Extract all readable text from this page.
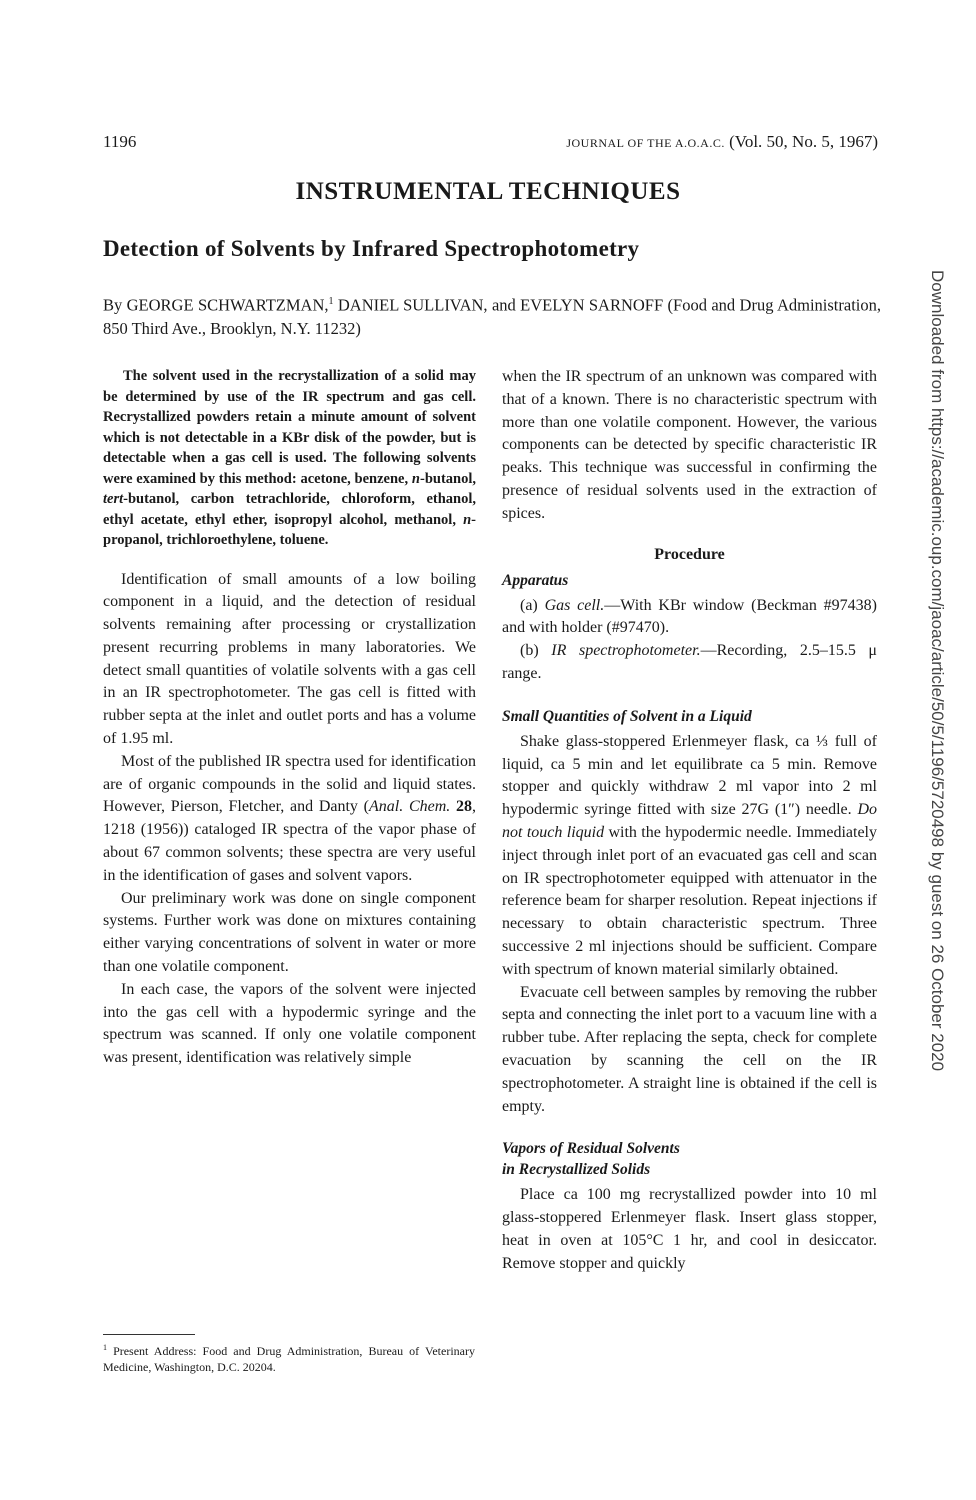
1196	JOURNAL OF THE A.O.A.C. (Vol. 50, No. 5, 1967)
INSTRUMENTAL TECHNIQUES
Detection of Solvents by Infrared Spectrophotometry
By GEORGE SCHWARTZMAN,$^1$ DANIEL SULLIVAN, and EVELYN SARNOFF (Food and Drug Administration, 850 Third Ave., Brooklyn, N.Y. 11232)
The solvent used in the recrystallization of a solid may be determined by use of the IR spectrum and gas cell. Recrystallized powders retain a minute amount of solvent which is not detectable in a KBr disk of the powder, but is detectable when a gas cell is used. The following solvents were examined by this method: acetone, benzene, n-butanol, tert-butanol, carbon tetrachloride, chloroform, ethanol, ethyl acetate, ethyl ether, isopropyl alcohol, methanol, n-propanol, trichloroethylene, toluene.

Identification of small amounts of a low boiling component in a liquid, and the detection of residual solvents remaining after processing or crystallization present recurring problems in many laboratories. We detect small quantities of volatile solvents with a gas cell in an IR spectrophotometer. The gas cell is fitted with rubber septa at the inlet and outlet ports and has a volume of 1.95 ml.

Most of the published IR spectra used for identification are of organic compounds in the solid and liquid states. However, Pierson, Fletcher, and Danty (Anal. Chem. 28, 1218 (1956)) cataloged IR spectra of the vapor phase of about 67 common solvents; these spectra are very useful in the identification of gases and solvent vapors.

Our preliminary work was done on single component systems. Further work was done on mixtures containing either varying concentrations of solvent in water or more than one volatile component.

In each case, the vapors of the solvent were injected into the gas cell with a hypodermic syringe and the spectrum was scanned. If only one volatile component was present, identification was relatively simple

when the IR spectrum of an unknown was compared with that of a known. There is no characteristic spectrum with more than one volatile component. However, the various components can be detected by specific characteristic IR peaks. This technique was successful in confirming the presence of residual solvents used in the extraction of spices.

Procedure
Apparatus

(a) Gas cell.—With KBr window (Beckman #97438) and with holder (#97470).

(b) IR spectrophotometer.—Recording, 2.5–15.5 μ range.

Small Quantities of Solvent in a Liquid

Shake glass-stoppered Erlenmeyer flask, ca ⅓ full of liquid, ca 5 min and let equilibrate ca 5 min. Remove stopper and quickly withdraw 2 ml vapor into 2 ml hypodermic syringe fitted with size 27G (1″) needle. Do not touch liquid with the hypodermic needle. Immediately inject through inlet port of an evacuated gas cell and scan on IR spectrophotometer equipped with attenuator in the reference beam for sharper resolution. Repeat injections if necessary to obtain characteristic spectrum. Three successive 2 ml injections should be sufficient. Compare with spectrum of known material similarly obtained.

Evacuate cell between samples by removing the rubber septa and connecting the inlet port to a vacuum line with a rubber tube. After replacing the septa, check for complete evacuation by scanning the cell on the IR spectrophotometer. A straight line is obtained if the cell is empty.

Vapors of Residual Solvents
in Recrystallized Solids

Place ca 100 mg recrystallized powder into 10 ml glass-stoppered Erlenmeyer flask. Insert glass stopper, heat in oven at 105°C 1 hr, and cool in desiccator. Remove stopper and quickly

$^1$ Present Address: Food and Drug Administration, Bureau of Veterinary Medicine, Washington, D.C. 20204.
Downloaded from https://academic.oup.com/jaoac/article/50/5/1196/5720498 by guest on 26 October 2020
